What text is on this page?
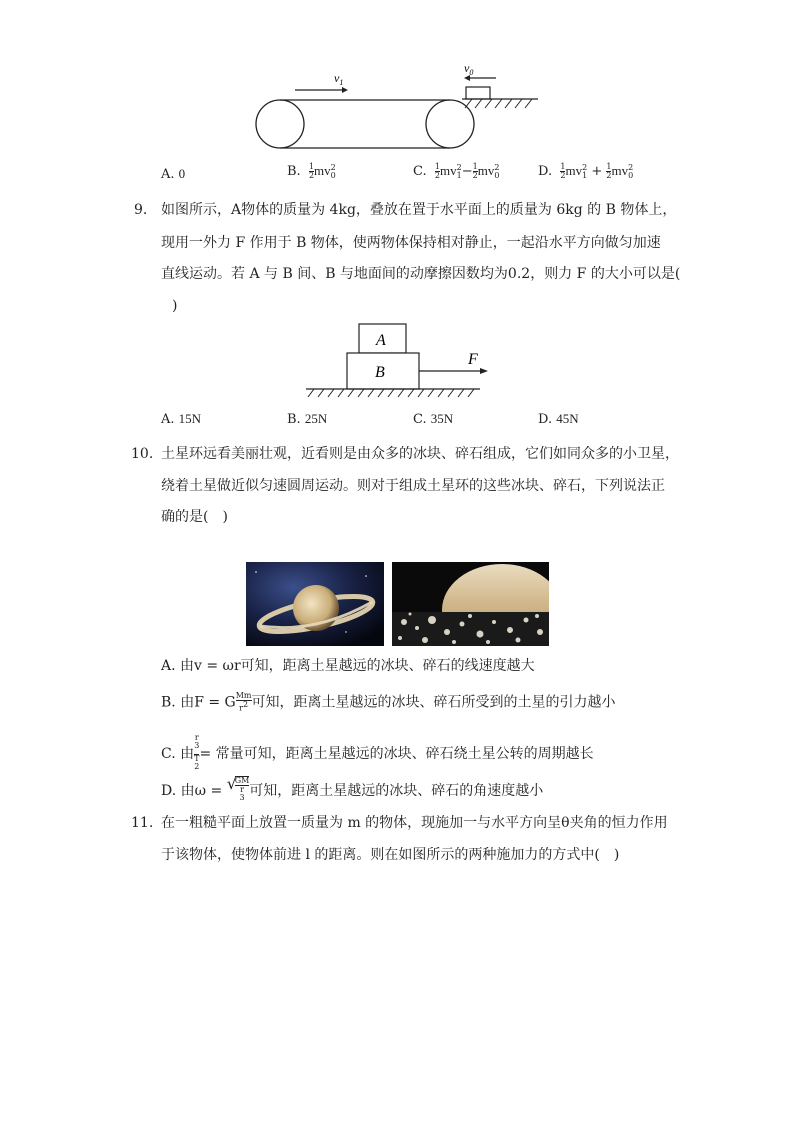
$v_1$
$v_0$
A. 0	B. $\frac{1}{2}$ mv 2
0	C. $\frac{1}{2}$ mv 2
$1 - \frac{1}{2}$ mv 2
0	D. $\frac{1}{2}$ mv 2
$1 + \frac{1}{2}$ mv 2
0
9. 如图所示，A物体的质量为 4kg，叠放在置于水平面上的质量为 6kg 的 B 物体上，
现用一外力 F 作用于 B 物体，使两物体保持相对静止，一起沿水平方向做匀加速
直线运动。若 A 与 B 间、B 与地面间的动摩擦因数均为0.2，则力 F 的大小可以是(
)
A
B
F
A. 15N	B. 25N	C. 35N	D. 45N
10. 土星环远看美丽壮观，近看则是由众多的冰块、碎石组成，它们如同众多的小卫星，
绕着土星做近似匀速圆周运动。则对于组成土星环的这些冰块、碎石，下列说法正
确的是(　)
A. 由v = ωr可知，距离土星越远的冰块、碎石的线速度越大
B. 由F = G $\frac{Mm}{r^2}$ 可知，距离土星越远的冰块、碎石所受到的土星的引力越小
C. 由 r
$^3$
T
$^2$ = 常量可知，距离土星越远的冰块、碎石绕土星公转的周期越长
D. 由ω =
√ GM
r
$^3$ 可知，距离土星越远的冰块、碎石的角速度越小
11. 在一粗糙平面上放置一质量为 m 的物体，现施加一与水平方向呈θ夹角的恒力作用
于该物体，使物体前进 l 的距离。则在如图所示的两种施加力的方式中(　)
